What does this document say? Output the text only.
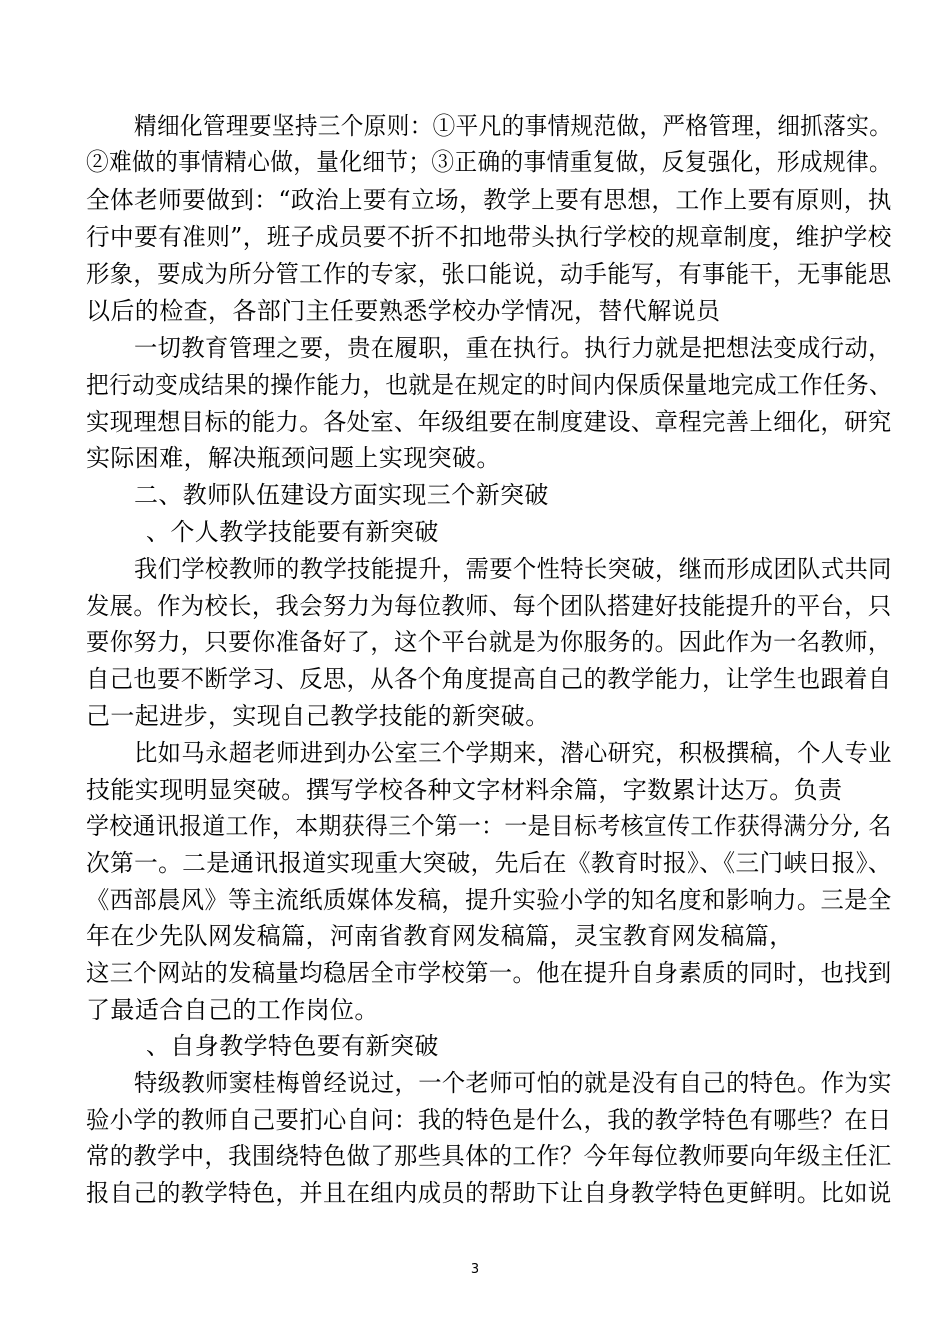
精细化管理要坚持三个原则：①平凡的事情规范做，严格管理，细抓落实。
②难做的事情精心做，量化细节；③正确的事情重复做，反复强化，形成规律。
全体老师要做到：“政治上要有立场，教学上要有思想，工作上要有原则，执
行中要有准则”，班子成员要不折不扣地带头执行学校的规章制度，维护学校
形象，要成为所分管工作的专家，张口能说，动手能写，有事能干，无事能思
以后的检查，各部门主任要熟悉学校办学情况，替代解说员
一切教育管理之要，贵在履职，重在执行。执行力就是把想法变成行动，
把行动变成结果的操作能力，也就是在规定的时间内保质保量地完成工作任务、
实现理想目标的能力。各处室、年级组要在制度建设、章程完善上细化，研究
实际困难，解决瓶颈问题上实现突破。
二、教师队伍建设方面实现三个新突破
、个人教学技能要有新突破
我们学校教师的教学技能提升，需要个性特长突破，继而形成团队式共同
发展。作为校长，我会努力为每位教师、每个团队搭建好技能提升的平台，只
要你努力，只要你准备好了，这个平台就是为你服务的。因此作为一名教师，
自己也要不断学习、反思，从各个角度提高自己的教学能力，让学生也跟着自
己一起进步，实现自己教学技能的新突破。
比如马永超老师进到办公室三个学期来，潜心研究，积极撰稿，个人专业
技能实现明显突破。撰写学校各种文字材料余篇，字数累计达万。负责
学校通讯报道工作，本期获得三个第一：一是目标考核宣传工作获得满分分, 名
次第一。二是通讯报道实现重大突破，先后在《教育时报》、《三门峡日报》、
《西部晨风》等主流纸质媒体发稿，提升实验小学的知名度和影响力。三是全
年在少先队网发稿篇，河南省教育网发稿篇，灵宝教育网发稿篇，
这三个网站的发稿量均稳居全市学校第一。他在提升自身素质的同时，也找到
了最适合自己的工作岗位。
、自身教学特色要有新突破
特级教师窦桂梅曾经说过，一个老师可怕的就是没有自己的特色。作为实
验小学的教师自己要扪心自问：我的特色是什么，我的教学特色有哪些？在日
常的教学中，我围绕特色做了那些具体的工作？今年每位教师要向年级主任汇
报自己的教学特色，并且在组内成员的帮助下让自身教学特色更鲜明。比如说
3
